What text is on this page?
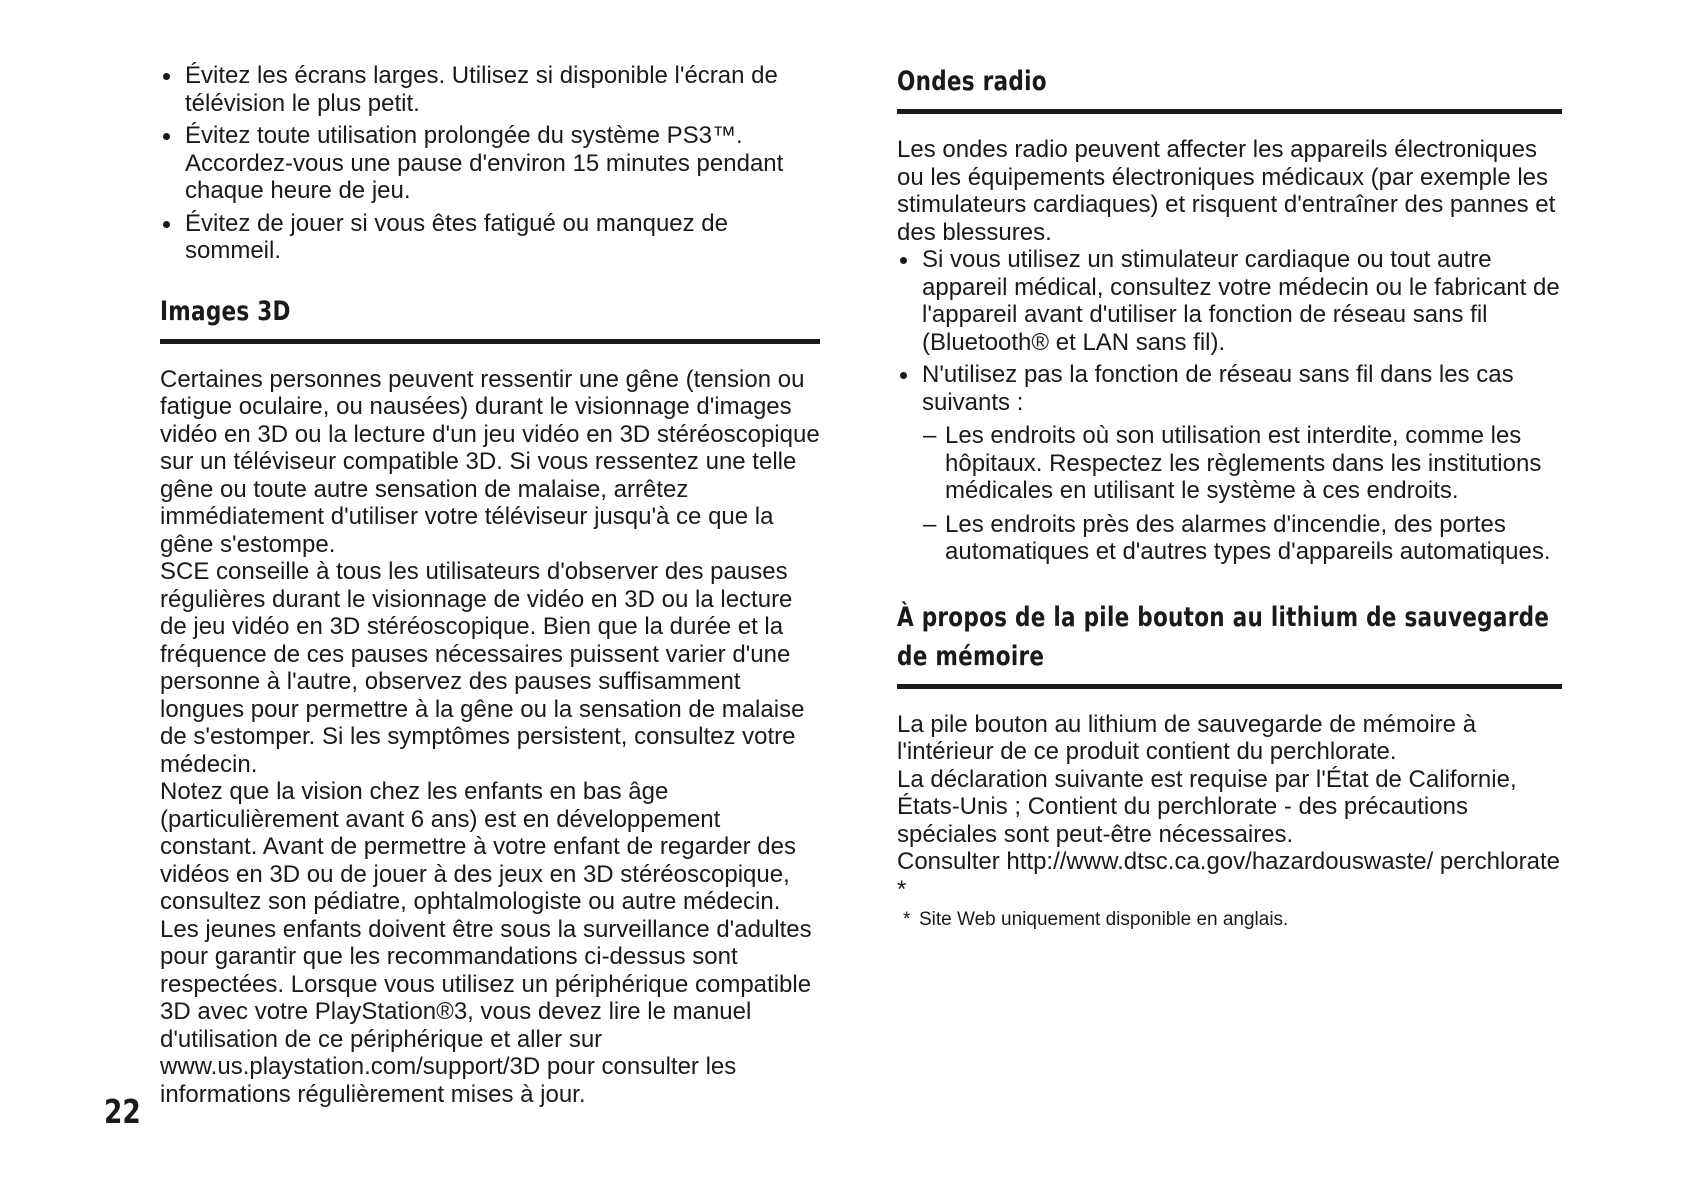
Évitez les écrans larges. Utilisez si disponible l'écran de télévision le plus petit.
Évitez toute utilisation prolongée du système PS3™. Accordez-vous une pause d'environ 15 minutes pendant chaque heure de jeu.
Évitez de jouer si vous êtes fatigué ou manquez de sommeil.
Images 3D

Certaines personnes peuvent ressentir une gêne (tension ou fatigue oculaire, ou nausées) durant le visionnage d'images vidéo en 3D ou la lecture d'un jeu vidéo en 3D stéréoscopique sur un téléviseur compatible 3D. Si vous ressentez une telle gêne ou toute autre sensation de malaise, arrêtez immédiatement d'utiliser votre téléviseur jusqu'à ce que la gêne s'estompe.

SCE conseille à tous les utilisateurs d'observer des pauses régulières durant le visionnage de vidéo en 3D ou la lecture de jeu vidéo en 3D stéréoscopique. Bien que la durée et la fréquence de ces pauses nécessaires puissent varier d'une personne à l'autre, observez des pauses suffisamment longues pour permettre à la gêne ou la sensation de malaise de s'estomper. Si les symptômes persistent, consultez votre médecin.

Notez que la vision chez les enfants en bas âge (particulièrement avant 6 ans) est en développement constant. Avant de permettre à votre enfant de regarder des vidéos en 3D ou de jouer à des jeux en 3D stéréoscopique, consultez son pédiatre, ophtalmologiste ou autre médecin. Les jeunes enfants doivent être sous la surveillance d'adultes pour garantir que les recommandations ci-dessus sont respectées. Lorsque vous utilisez un périphérique compatible 3D avec votre PlayStation®3, vous devez lire le manuel d'utilisation de ce périphérique et aller sur www.us.playstation.com/support/3D pour consulter les informations régulièrement mises à jour.

Ondes radio

Les ondes radio peuvent affecter les appareils électroniques ou les équipements électroniques médicaux (par exemple les stimulateurs cardiaques) et risquent d'entraîner des pannes et des blessures.

Si vous utilisez un stimulateur cardiaque ou tout autre appareil médical, consultez votre médecin ou le fabricant de l'appareil avant d'utiliser la fonction de réseau sans fil (Bluetooth® et LAN sans fil).
N'utilisez pas la fonction de réseau sans fil dans les cas suivants :
– Les endroits où son utilisation est interdite, comme les hôpitaux. Respectez les règlements dans les institutions médicales en utilisant le système à ces endroits.
– Les endroits près des alarmes d'incendie, des portes automatiques et d'autres types d'appareils automatiques.
À propos de la pile bouton au lithium de sauvegarde de mémoire

La pile bouton au lithium de sauvegarde de mémoire à l'intérieur de ce produit contient du perchlorate.

La déclaration suivante est requise par l'État de Californie, États-Unis ; Contient du perchlorate - des précautions spéciales sont peut-être nécessaires.

Consulter http://www.dtsc.ca.gov/hazardouswaste/ perchlorate *

* Site Web uniquement disponible en anglais.
22
